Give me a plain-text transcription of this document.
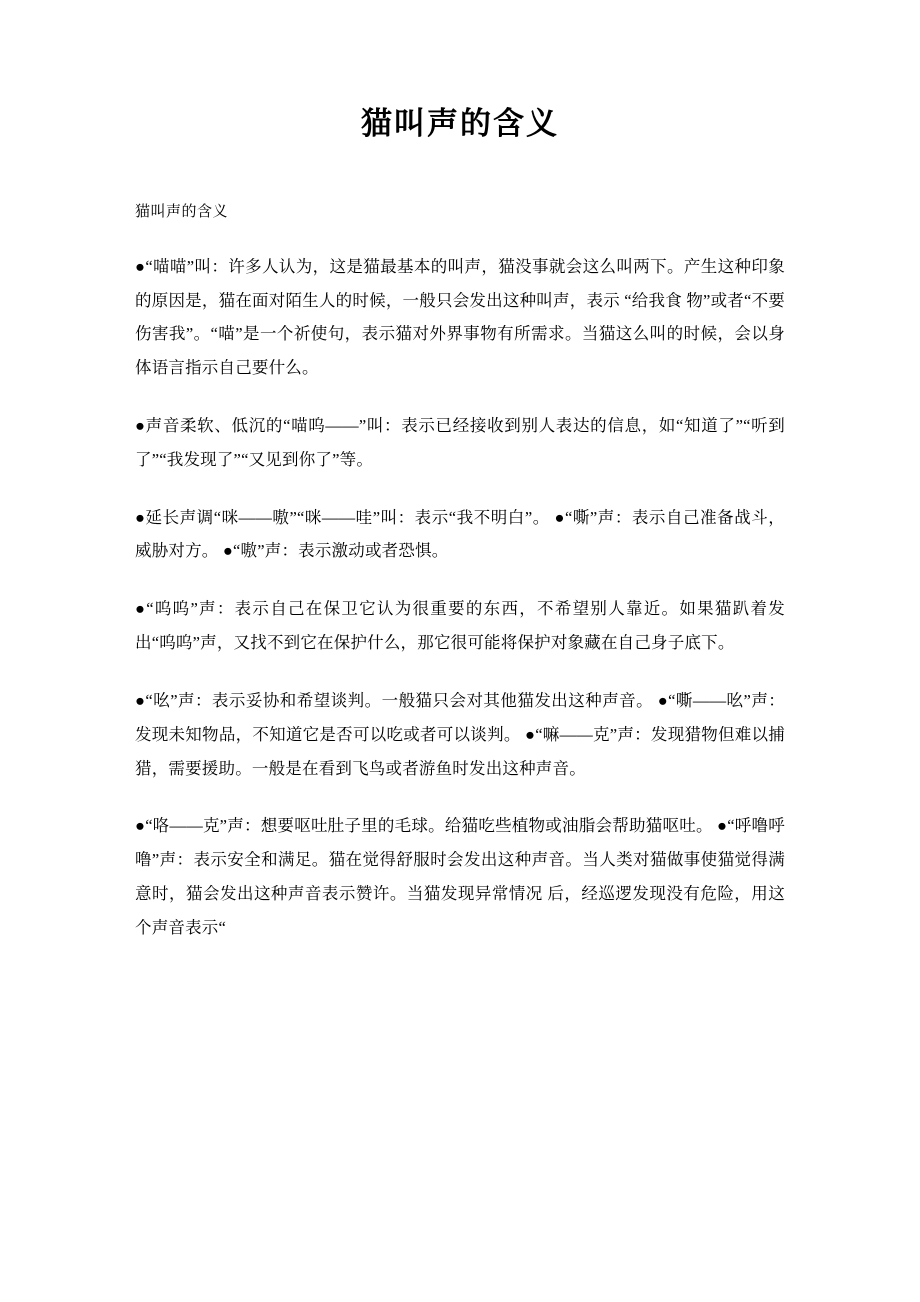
猫叫声的含义

猫叫声的含义

●“喵喵”叫：许多人认为，这是猫最基本的叫声，猫没事就会这么叫两下。产生这种印象的原因是，猫在面对陌生人的时候，一般只会发出这种叫声，表示 “给我食 物”或者“不要伤害我”。“喵”是一个祈使句，表示猫对外界事物有所需求。当猫这么叫的时候，会以身体语言指示自己要什么。

●声音柔软、低沉的“喵呜——”叫：表示已经接收到别人表达的信息，如“知道了”“听到了”“我发现了”“又见到你了”等。

●延长声调“咪——嗷”“咪——哇”叫：表示“我不明白”。 ●“嘶”声：表示自己准备战斗，威胁对方。 ●“嗷”声：表示激动或者恐惧。

●“呜呜”声：表示自己在保卫它认为很重要的东西，不希望别人靠近。如果猫趴着发出“呜呜”声，又找不到它在保护什么，那它很可能将保护对象藏在自己身子底下。

●“吆”声：表示妥协和希望谈判。一般猫只会对其他猫发出这种声音。 ●“嘶——吆”声：发现未知物品，不知道它是否可以吃或者可以谈判。 ●“嘛——克”声：发现猎物但难以捕猎，需要援助。一般是在看到飞鸟或者游鱼时发出这种声音。

●“咯——克”声：想要呕吐肚子里的毛球。给猫吃些植物或油脂会帮助猫呕吐。 ●“呼噜呼噜”声：表示安全和满足。猫在觉得舒服时会发出这种声音。当人类对猫做事使猫觉得满意时，猫会发出这种声音表示赞许。当猫发现异常情况 后，经巡逻发现没有危险，用这个声音表示“
